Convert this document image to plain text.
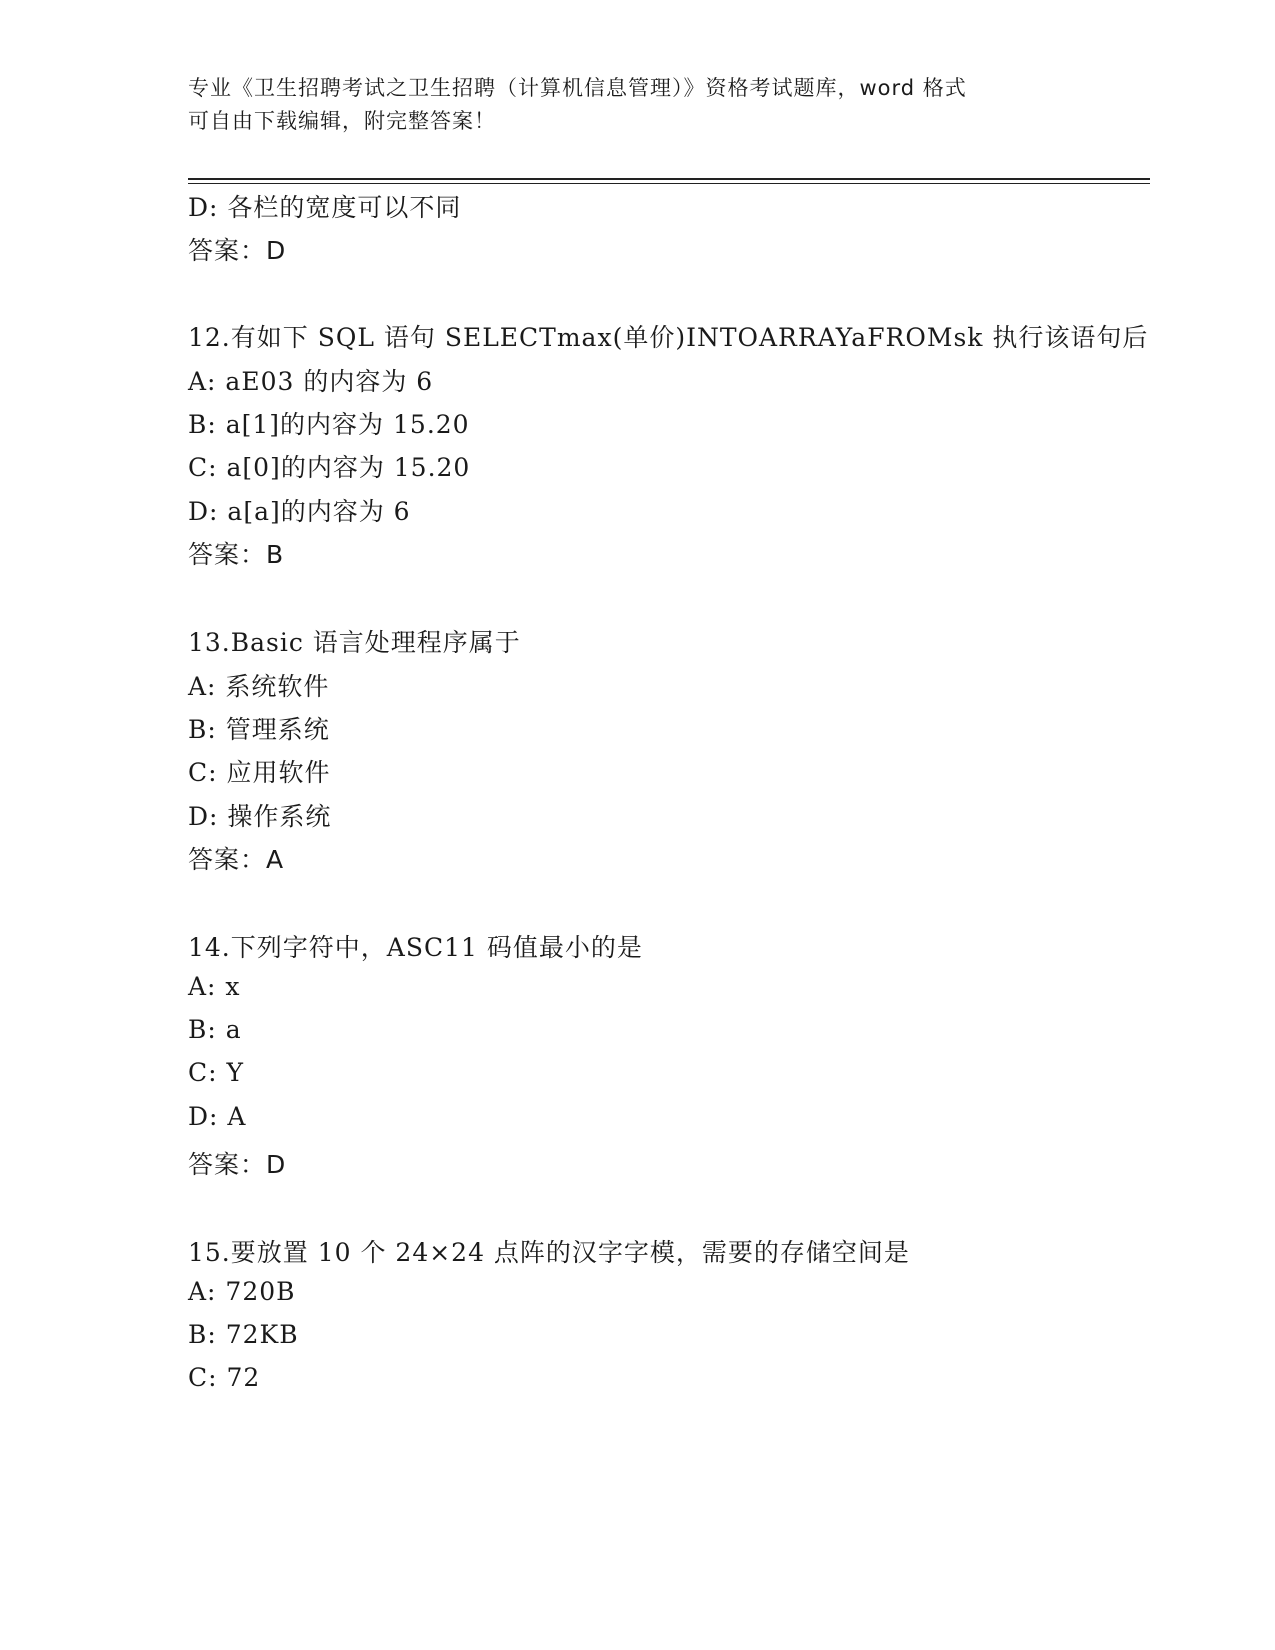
专业《卫生招聘考试之卫生招聘（计算机信息管理）》资格考试题库，word 格式
可自由下载编辑，附完整答案！
D: 各栏的宽度可以不同
答案：D
12.有如下 SQL 语句 SELECTmax(单价)INTOARRAYaFROMsk 执行该语句后
A: aE03 的内容为 6
B: a[1]的内容为 15.20
C: a[0]的内容为 15.20
D: a[a]的内容为 6
答案：B
13.Basic 语言处理程序属于
A: 系统软件
B: 管理系统
C: 应用软件
D: 操作系统
答案：A
14.下列字符中，ASC11 码值最小的是
A: x
B: a
C: Y
D: A
答案：D
15.要放置 10 个 24×24 点阵的汉字字模，需要的存储空间是
A: 720B
B: 72KB
C: 72
